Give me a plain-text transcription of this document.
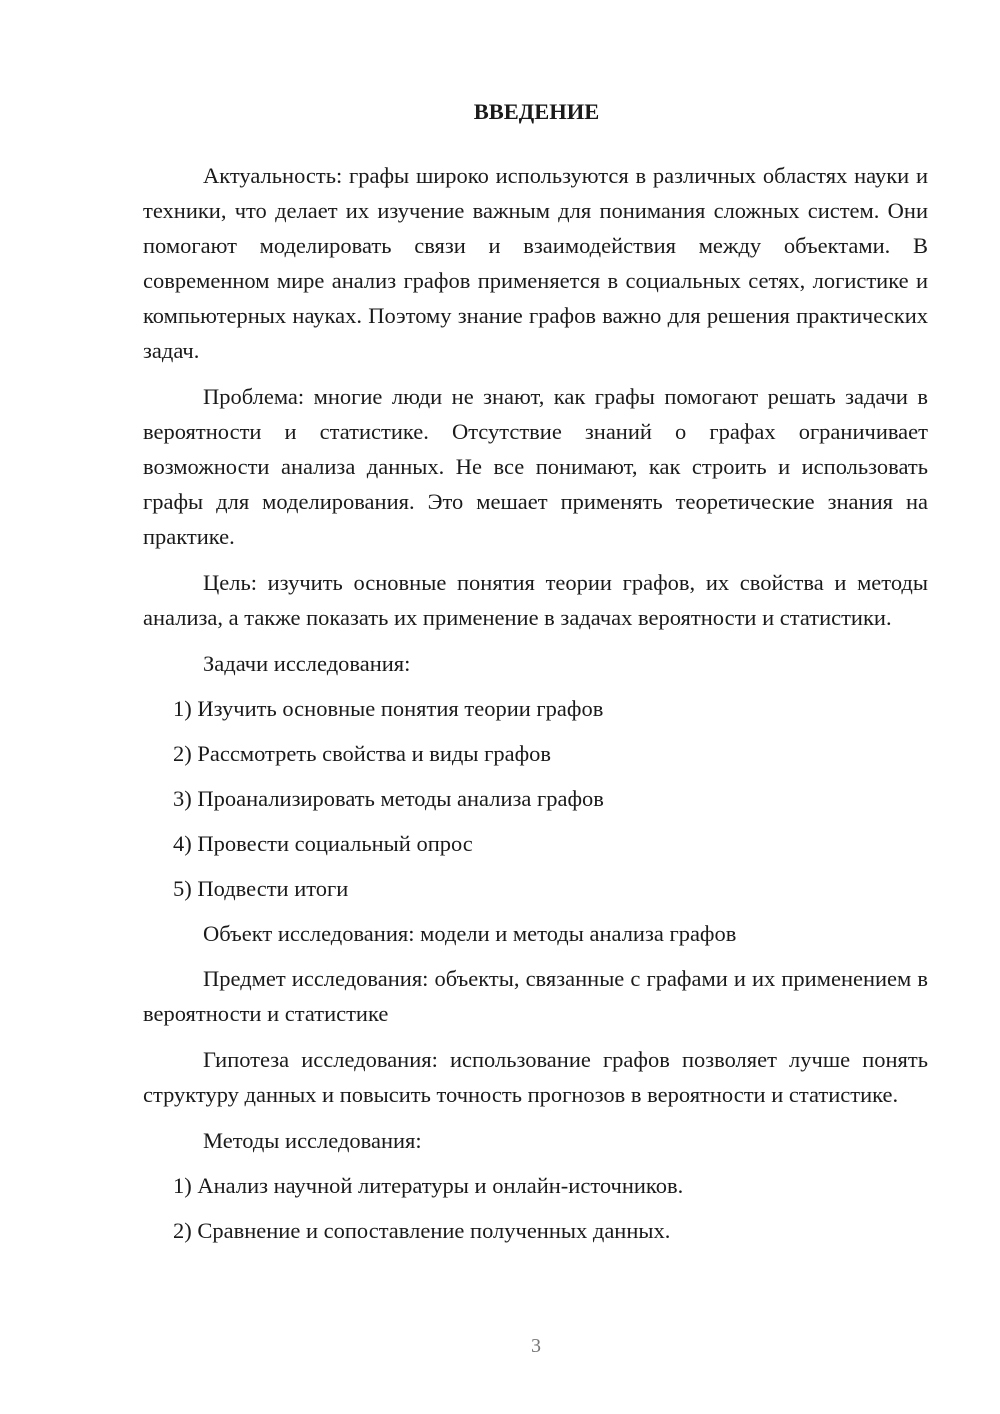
ВВЕДЕНИЕ

Актуальность: графы широко используются в различных областях науки и техники, что делает их изучение важным для понимания сложных систем. Они помогают моделировать связи и взаимодействия между объектами. В современном мире анализ графов применяется в социальных сетях, логистике и компьютерных науках. Поэтому знание графов важно для решения практических задач.

Проблема: многие люди не знают, как графы помогают решать задачи в вероятности и статистике. Отсутствие знаний о графах ограничивает возможности анализа данных. Не все понимают, как строить и использовать графы для моделирования. Это мешает применять теоретические знания на практике.

Цель: изучить основные понятия теории графов, их свойства и методы анализа, а также показать их применение в задачах вероятности и статистики.

Задачи исследования:

1) Изучить основные понятия теории графов

2) Рассмотреть свойства и виды графов

3) Проанализировать методы анализа графов

4) Провести социальный опрос

5) Подвести итоги

Объект исследования: модели и методы анализа графов

Предмет исследования: объекты, связанные с графами и их применением в вероятности и статистике

Гипотеза исследования: использование графов позволяет лучше понять структуру данных и повысить точность прогнозов в вероятности и статистике.

Методы исследования:

1) Анализ научной литературы и онлайн-источников.

2) Сравнение и сопоставление полученных данных.

3
